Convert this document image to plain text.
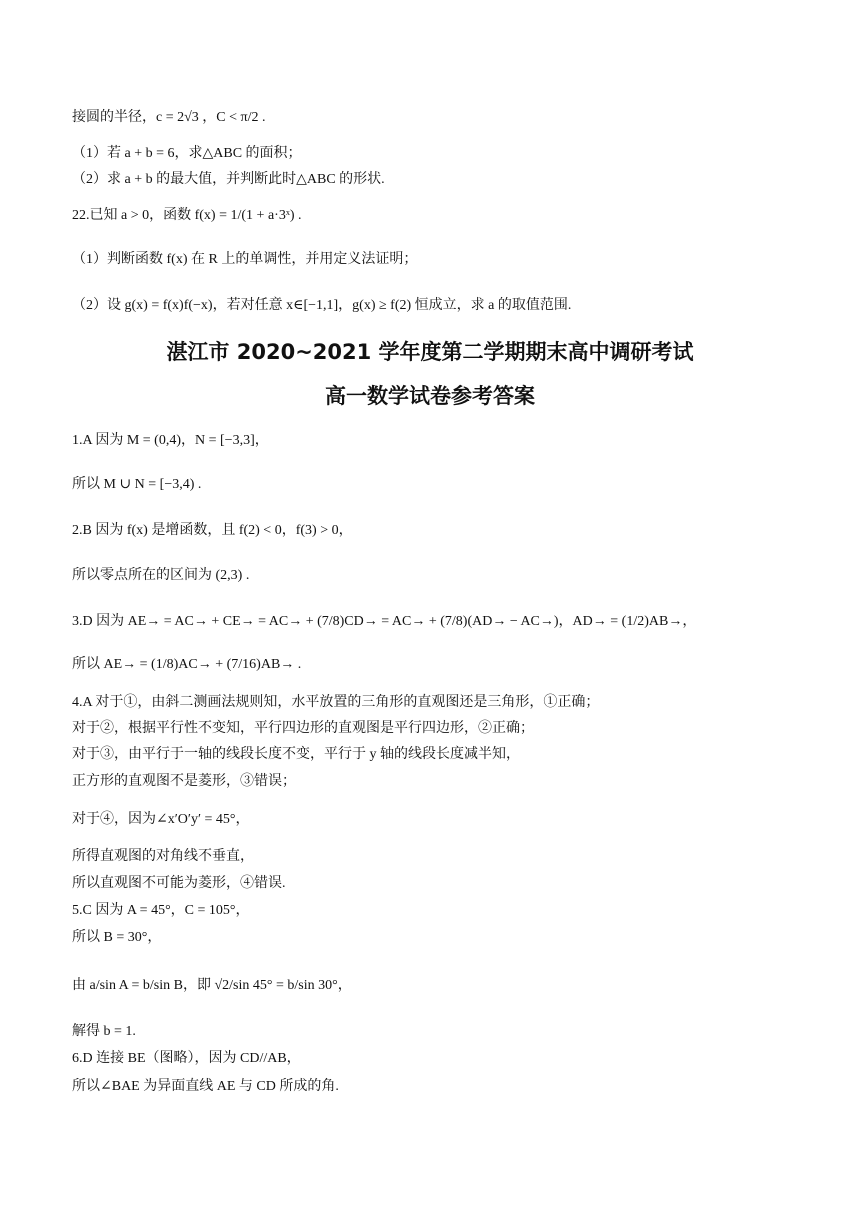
接圆的半径，c = 2√3 ，C < π/2 .
（1）若 a + b = 6，求△ABC 的面积；
（2）求 a + b 的最大值，并判断此时△ABC 的形状.
22.已知 a > 0，函数 f(x) = 1/(1 + a·3ˣ) .
（1）判断函数 f(x) 在 R 上的单调性，并用定义法证明；
（2）设 g(x) = f(x)f(−x)，若对任意 x∈[−1,1]，g(x) ≥ f(2) 恒成立，求 a 的取值范围.
湛江市 2020~2021 学年度第二学期期末高中调研考试
高一数学试卷参考答案
1.A 因为 M = (0,4)，N = [−3,3]，
所以 M ∪ N = [−3,4) .
2.B 因为 f(x) 是增函数，且 f(2) < 0，f(3) > 0，
所以零点所在的区间为 (2,3) .
3.D 因为 AE→ = AC→ + CE→ = AC→ + (7/8)CD→ = AC→ + (7/8)(AD→ − AC→)，AD→ = (1/2)AB→，
所以 AE→ = (1/8)AC→ + (7/16)AB→ .
4.A 对于①，由斜二测画法规则知，水平放置的三角形的直观图还是三角形，①正确；
对于②，根据平行性不变知，平行四边形的直观图是平行四边形，②正确；
对于③，由平行于一轴的线段长度不变，平行于 y 轴的线段长度减半知，
正方形的直观图不是菱形，③错误；
对于④，因为∠x′O′y′ = 45°，
所得直观图的对角线不垂直，
所以直观图不可能为菱形，④错误.
5.C 因为 A = 45°，C = 105°，
所以 B = 30°，
由 a/sin A = b/sin B，即 √2/sin 45° = b/sin 30°，
解得 b = 1.
6.D 连接 BE（图略），因为 CD//AB，
所以∠BAE 为异面直线 AE 与 CD 所成的角.
